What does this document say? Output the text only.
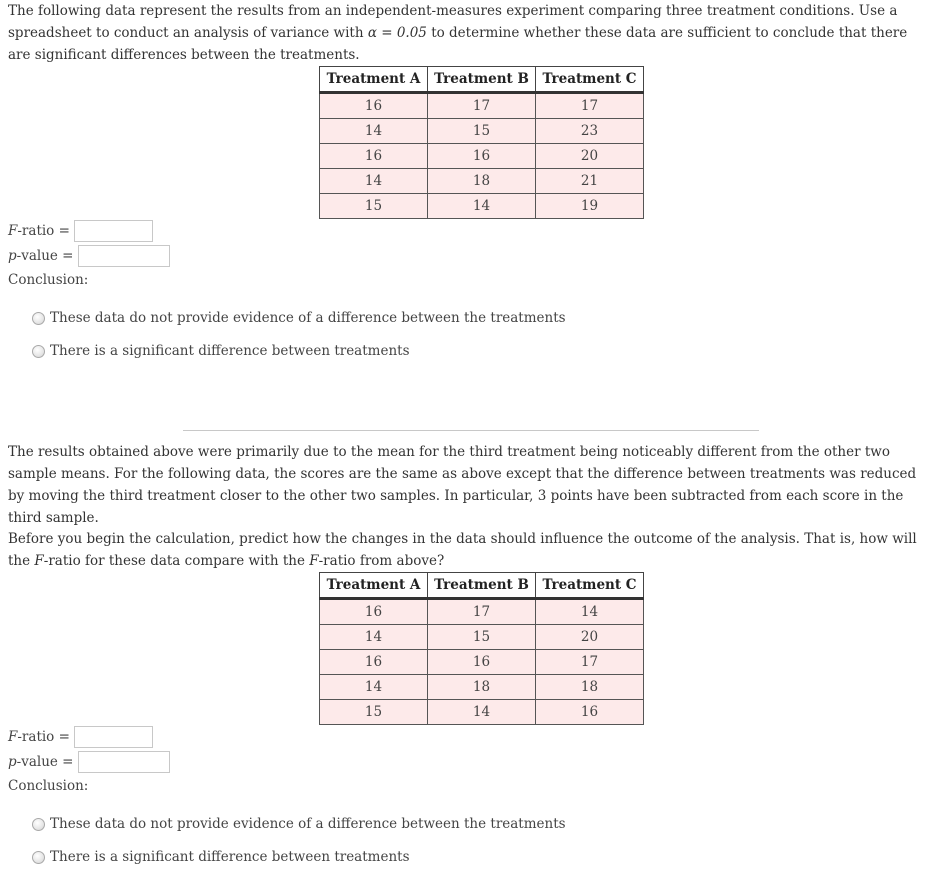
The following data represent the results from an independent-measures experiment comparing three treatment conditions. Use a spreadsheet to conduct an analysis of variance with α = 0.05 to determine whether these data are sufficient to conclude that there are significant differences between the treatments.

Treatment A	Treatment B	Treatment C
16	17	17
14	15	23
16	16	20
14	18	21
15	14	19
F-ratio =
p-value =
Conclusion:
These data do not provide evidence of a difference between the treatments
There is a significant difference between treatments

The results obtained above were primarily due to the mean for the third treatment being noticeably different from the other two sample means. For the following data, the scores are the same as above except that the difference between treatments was reduced by moving the third treatment closer to the other two samples. In particular, 3 points have been subtracted from each score in the third sample.

Before you begin the calculation, predict how the changes in the data should influence the outcome of the analysis. That is, how will the F-ratio for these data compare with the F-ratio from above?

Treatment A	Treatment B	Treatment C
16	17	14
14	15	20
16	16	17
14	18	18
15	14	16
F-ratio =
p-value =
Conclusion:
These data do not provide evidence of a difference between the treatments
There is a significant difference between treatments
